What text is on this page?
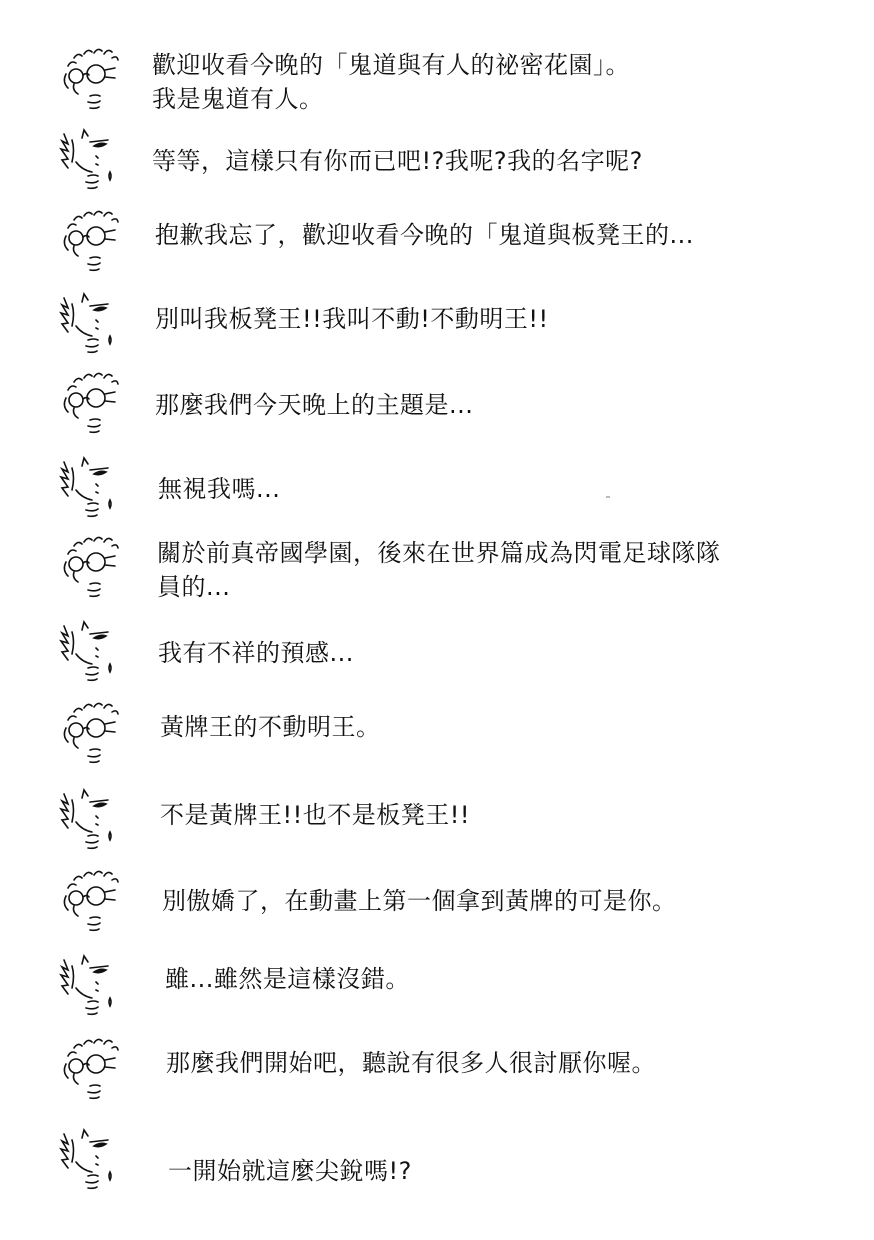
歡迎收看今晚的「鬼道與有人的祕密花園」。
我是鬼道有人。
等等，這樣只有你而已吧!?我呢?我的名字呢?
抱歉我忘了，歡迎收看今晚的「鬼道與板凳王的...
別叫我板凳王!!我叫不動!不動明王!!
那麼我們今天晚上的主題是...
無視我嗎...
關於前真帝國學園，後來在世界篇成為閃電足球隊隊
員的...
我有不祥的預感...
黃牌王的不動明王。
不是黃牌王!!也不是板凳王!!
別傲嬌了，在動畫上第一個拿到黃牌的可是你。
雖...雖然是這樣沒錯。
那麼我們開始吧，聽說有很多人很討厭你喔。
一開始就這麼尖銳嗎!?
